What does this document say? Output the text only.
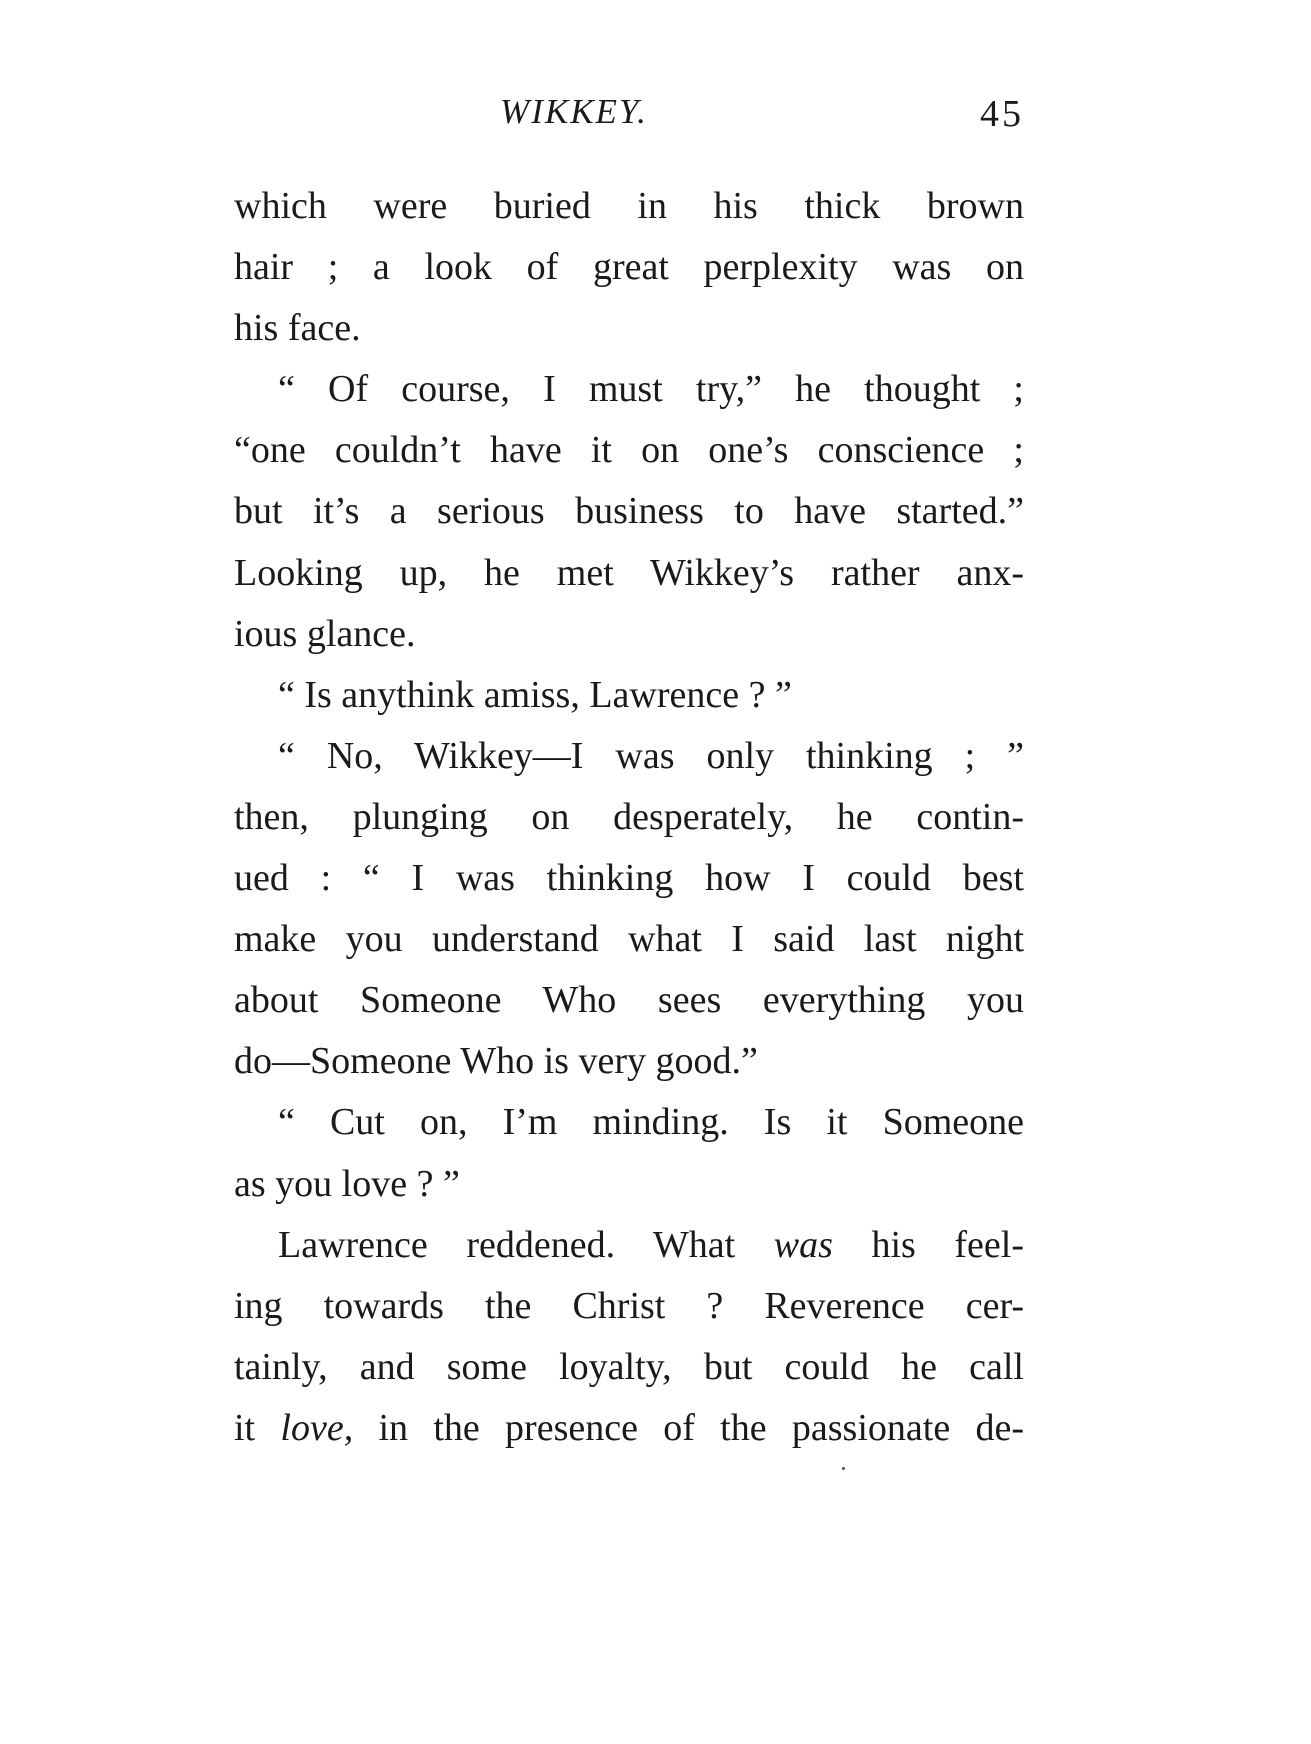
WIKKEY.	45
which were buried in his thick brown
hair ; a look of great perplexity was on
his face.
“ Of course, I must try,” he thought ;
“one couldn’t have it on one’s conscience ;
but it’s a serious business to have started.”
Looking up, he met Wikkey’s rather anx-
ious glance.
“ Is anythink amiss, Lawrence ? ”
“ No, Wikkey—I was only thinking ; ”
then, plunging on desperately, he contin-
ued : “ I was thinking how I could best
make you understand what I said last night
about Someone Who sees everything you
do—Someone Who is very good.”
“ Cut on, I’m minding. Is it Someone
as you love ? ”
Lawrence reddened. What was his feel-
ing towards the Christ ? Reverence cer-
tainly, and some loyalty, but could he call
it love, in the presence of the passionate de-
